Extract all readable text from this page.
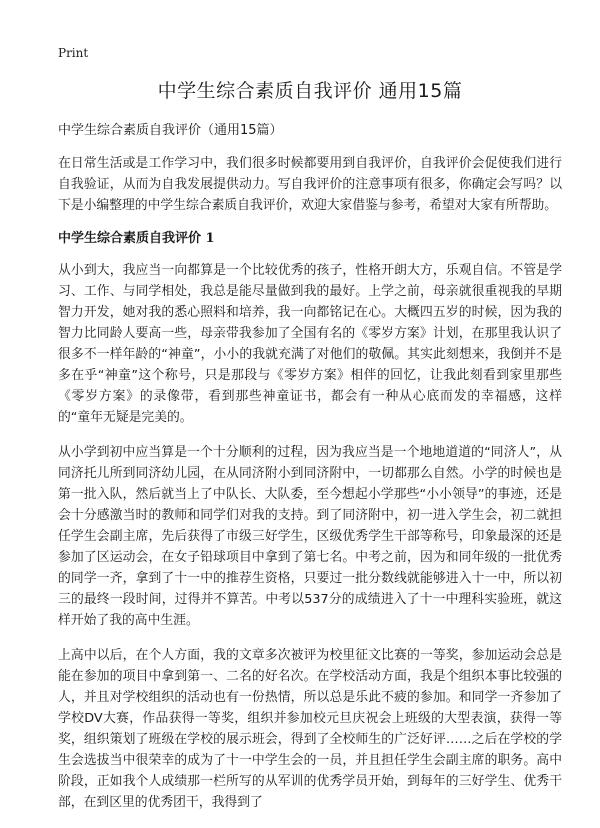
Print
中学生综合素质自我评价 通用15篇

中学生综合素质自我评价（通用15篇）

在日常生活或是工作学习中，我们很多时候都要用到自我评价，自我评价会促使我们进行自我验证，从而为自我发展提供动力。写自我评价的注意事项有很多，你确定会写吗？以下是小编整理的中学生综合素质自我评价，欢迎大家借鉴与参考，希望对大家有所帮助。

中学生综合素质自我评价 1

从小到大，我应当一向都算是一个比较优秀的孩子，性格开朗大方，乐观自信。不管是学习、工作、与同学相处，我总是能尽量做到我的最好。上学之前，母亲就很重视我的早期智力开发，她对我的悉心照料和培养，我一向都铭记在心。大概四五岁的时候，因为我的智力比同龄人要高一些，母亲带我参加了全国有名的《零岁方案》计划，在那里我认识了很多不一样年龄的“神童”，小小的我就充满了对他们的敬佩。其实此刻想来，我倒并不是多在乎“神童”这个称号，只是那段与《零岁方案》相伴的回忆，让我此刻看到家里那些《零岁方案》的录像带，看到那些神童证书，都会有一种从心底而发的幸福感，这样的“童年无疑是完美的。

从小学到初中应当算是一个十分顺利的过程，因为我应当是一个地地道道的“同济人”，从同济托儿所到同济幼儿园，在从同济附小到同济附中，一切都那么自然。小学的时候也是第一批入队，然后就当上了中队长、大队委，至今想起小学那些“小小领导”的事迹，还是会十分感激当时的教师和同学们对我的支持。到了同济附中，初一进入学生会，初二就担任学生会副主席，先后获得了市级三好学生，区级优秀学生干部等称号，印象最深的还是参加了区运动会，在女子铅球项目中拿到了第七名。中考之前，因为和同年级的一批优秀的同学一齐，拿到了十一中的推荐生资格，只要过一批分数线就能够进入十一中，所以初三的最终一段时间，过得并不算苦。中考以537分的成绩进入了十一中理科实验班，就这样开始了我的高中生涯。

上高中以后，在个人方面，我的文章多次被评为校里征文比赛的一等奖，参加运动会总是能在参加的项目中拿到第一、二名的好名次。在学校活动方面，我是个组织本事比较强的人，并且对学校组织的活动也有一份热情，所以总是乐此不疲的参加。和同学一齐参加了学校DV大赛，作品获得一等奖，组织并参加校元旦庆祝会上班级的大型表演，获得一等奖，组织策划了班级在学校的展示班会，得到了全校师生的广泛好评……之后在学校的学生会选拔当中很荣幸的成为了十一中学生会的一员，并且担任学生会副主席的职务。高中阶段，正如我个人成绩那一栏所写的从军训的优秀学员开始，到每年的三好学生、优秀干部，在到区里的优秀团干，我得到了
